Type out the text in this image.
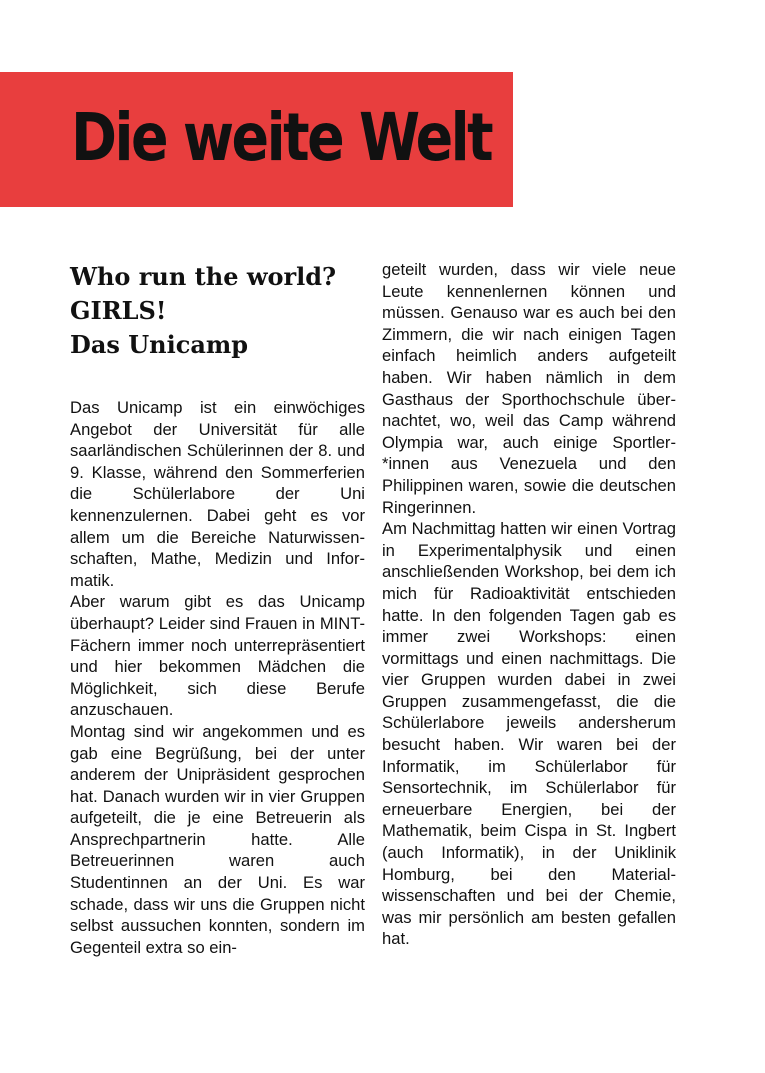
Die weite Welt
Who run the world?
GIRLS!
Das Unicamp

Das Unicamp ist ein einwöchiges Angebot der Universität für alle saarländischen Schülerinnen der 8. und 9. Klasse, während den Sommerferien die Schülerlabore der Uni kennenzulernen. Dabei geht es vor allem um die Bereiche Naturwissenschaften, Mathe, Medizin und Informatik.

Aber warum gibt es das Unicamp überhaupt? Leider sind Frauen in MINT-Fächern immer noch unterrepräsentiert und hier bekommen Mädchen die Möglichkeit, sich diese Berufe anzuschauen.

Montag sind wir angekommen und es gab eine Begrüßung, bei der unter anderem der Unipräsident gesprochen hat. Danach wurden wir in vier Gruppen aufgeteilt, die je eine Betreuerin als Ansprechpartnerin hatte. Alle Betreuerinnen waren auch Studentinnen an der Uni. Es war schade, dass wir uns die Gruppen nicht selbst aussuchen konnten, sondern im Gegenteil extra so ein-

geteilt wurden, dass wir viele neue Leute kennenlernen können und müssen. Genauso war es auch bei den Zimmern, die wir nach einigen Tagen einfach heimlich anders aufgeteilt haben. Wir haben nämlich in dem Gasthaus der Sporthochschule übernachtet, wo, weil das Camp während Olympia war, auch einige Sportler*innen aus Venezuela und den Philippinen waren, sowie die deutschen Ringerinnen.

Am Nachmittag hatten wir einen Vortrag in Experimentalphysik und einen anschließenden Workshop, bei dem ich mich für Radioaktivität entschieden hatte. In den folgenden Tagen gab es immer zwei Workshops: einen vormittags und einen nachmittags. Die vier Gruppen wurden dabei in zwei Gruppen zusammengefasst, die die Schülerlabore jeweils andersherum besucht haben. Wir waren bei der Informatik, im Schülerlabor für Sensortechnik, im Schülerlabor für erneuerbare Energien, bei der Mathematik, beim Cispa in St. Ingbert (auch Informatik), in der Uniklinik Homburg, bei den Materialwissenschaften und bei der Chemie, was mir persönlich am besten gefallen hat.
